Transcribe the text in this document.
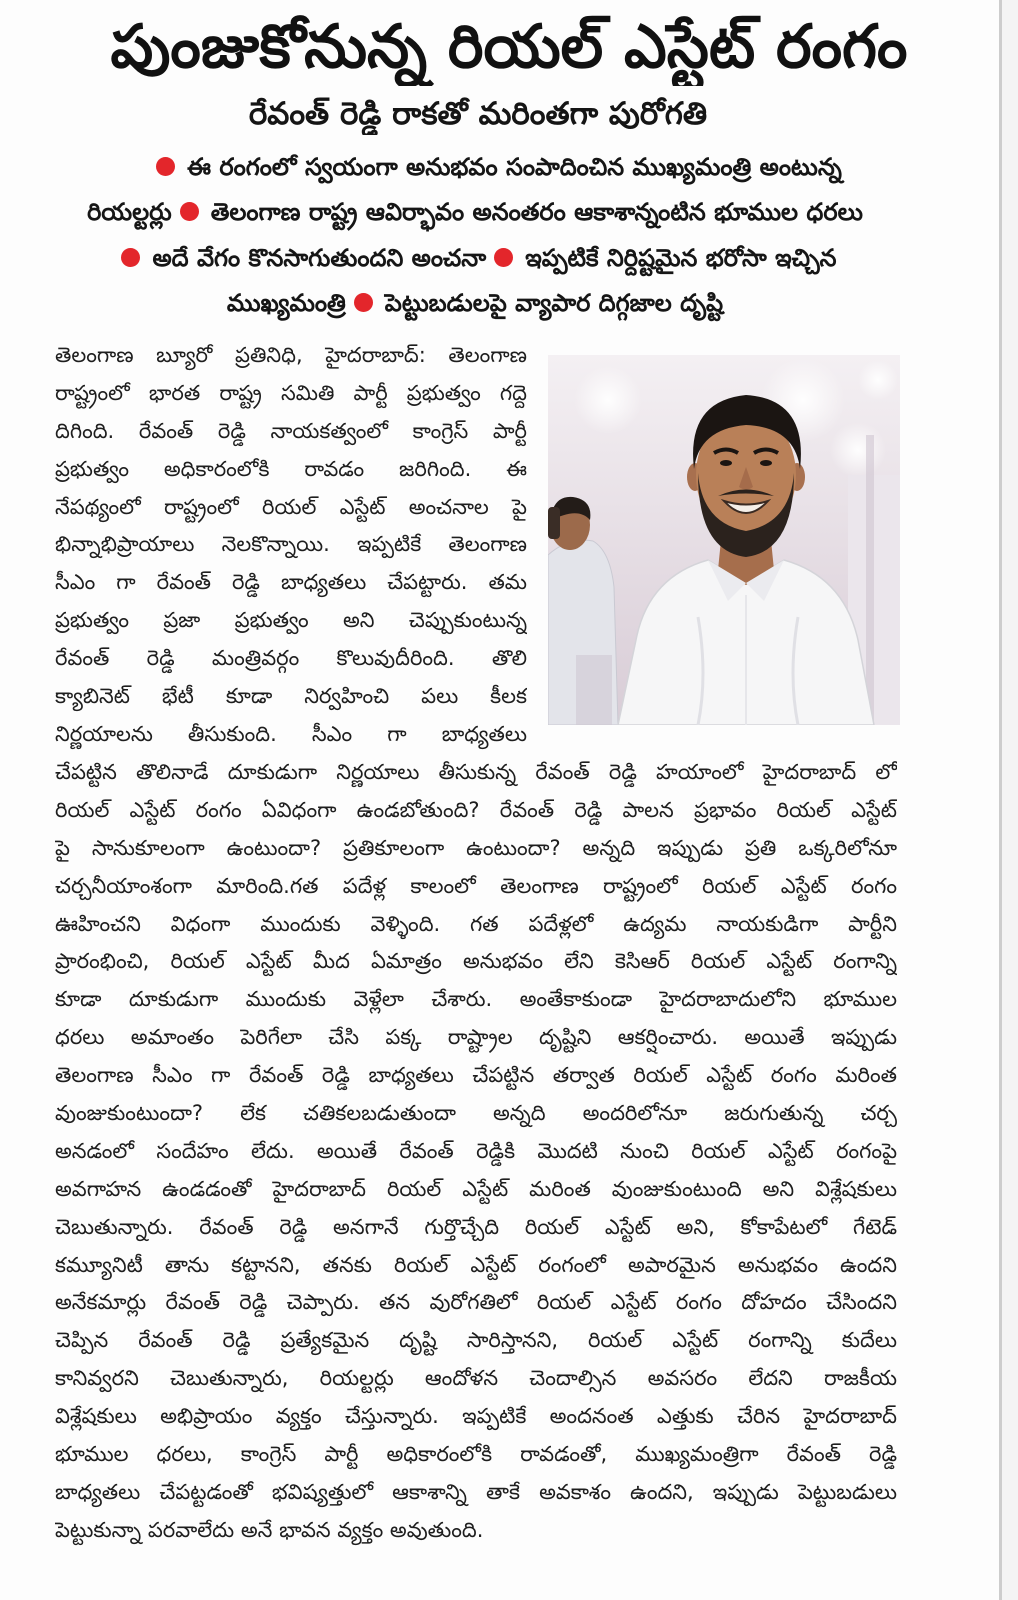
పుంజుకోనున్న రియల్ ఎస్టేట్ రంగం
రేవంత్ రెడ్డి రాకతో మరింతగా పురోగతి
ఈ రంగంలో స్వయంగా అనుభవం సంపాదించిన ముఖ్యమంత్రి అంటున్న
రియల్టర్లు తెలంగాణ రాష్ట్ర ఆవిర్భావం అనంతరం ఆకాశాన్నంటిన భూముల ధరలు
అదే వేగం కొనసాగుతుందని అంచనా ఇప్పటికే నిర్దిష్టమైన భరోసా ఇచ్చిన
ముఖ్యమంత్రి పెట్టుబడులపై వ్యాపార దిగ్గజాల దృష్టి
తెలంగాణ బ్యూరో ప్రతినిధి, హైదరాబాద్: తెలంగాణ
రాష్ట్రంలో భారత రాష్ట్ర సమితి పార్టీ ప్రభుత్వం గద్దె
దిగింది. రేవంత్ రెడ్డి నాయకత్వంలో కాంగ్రెస్ పార్టీ
ప్రభుత్వం అధికారంలోకి రావడం జరిగింది. ఈ
నేపథ్యంలో రాష్ట్రంలో రియల్ ఎస్టేట్ అంచనాల పై
భిన్నాభిప్రాయాలు నెలకొన్నాయి. ఇప్పటికే తెలంగాణ
సీఎం గా రేవంత్ రెడ్డి బాధ్యతలు చేపట్టారు. తమ
ప్రభుత్వం ప్రజా ప్రభుత్వం అని చెప్పుకుంటున్న
రేవంత్ రెడ్డి మంత్రివర్గం కొలువుదీరింది. తొలి
క్యాబినెట్ భేటీ కూడా నిర్వహించి పలు కీలక
నిర్ణయాలను తీసుకుంది. సీఎం గా బాధ్యతలు
చేపట్టిన తొలినాడే దూకుడుగా నిర్ణయాలు తీసుకున్న రేవంత్ రెడ్డి హయాంలో హైదరాబాద్ లో
రియల్ ఎస్టేట్ రంగం ఏవిధంగా ఉండబోతుంది? రేవంత్ రెడ్డి పాలన ప్రభావం రియల్ ఎస్టేట్
పై సానుకూలంగా ఉంటుందా? ప్రతికూలంగా ఉంటుందా? అన్నది ఇప్పుడు ప్రతి ఒక్కరిలోనూ
చర్చనీయాంశంగా మారింది.గత పదేళ్ల కాలంలో తెలంగాణ రాష్ట్రంలో రియల్ ఎస్టేట్ రంగం
ఊహించని విధంగా ముందుకు వెళ్ళింది. గత పదేళ్లలో ఉద్యమ నాయకుడిగా పార్టీని
ప్రారంభించి, రియల్ ఎస్టేట్ మీద ఏమాత్రం అనుభవం లేని కెసిఆర్ రియల్ ఎస్టేట్ రంగాన్ని
కూడా దూకుడుగా ముందుకు వెళ్లేలా చేశారు. అంతేకాకుండా హైదరాబాదులోని భూముల
ధరలు అమాంతం పెరిగేలా చేసి పక్క రాష్ట్రాల దృష్టిని ఆకర్షించారు. అయితే ఇప్పుడు
తెలంగాణ సీఎం గా రేవంత్ రెడ్డి బాధ్యతలు చేపట్టిన తర్వాత రియల్ ఎస్టేట్ రంగం మరింత
వుంజుకుంటుందా? లేక చతికలబడుతుందా అన్నది అందరిలోనూ జరుగుతున్న చర్చ
అనడంలో సందేహం లేదు. అయితే రేవంత్ రెడ్డికి మొదటి నుంచి రియల్ ఎస్టేట్ రంగంపై
అవగాహన ఉండడంతో హైదరాబాద్ రియల్ ఎస్టేట్ మరింత వుంజుకుంటుంది అని విశ్లేషకులు
చెబుతున్నారు. రేవంత్ రెడ్డి అనగానే గుర్తొచ్చేది రియల్ ఎస్టేట్ అని, కోకాపేటలో గేటెడ్
కమ్యూనిటీ తాను కట్టానని, తనకు రియల్ ఎస్టేట్ రంగంలో అపారమైన అనుభవం ఉందని
అనేకమార్లు రేవంత్ రెడ్డి చెప్పారు. తన వురోగతిలో రియల్ ఎస్టేట్ రంగం దోహదం చేసిందని
చెప్పిన రేవంత్ రెడ్డి ప్రత్యేకమైన దృష్టి సారిస్తానని, రియల్ ఎస్టేట్ రంగాన్ని కుదేలు
కానివ్వరని చెబుతున్నారు, రియల్టర్లు ఆందోళన చెందాల్సిన అవసరం లేదని రాజకీయ
విశ్లేషకులు అభిప్రాయం వ్యక్తం చేస్తున్నారు. ఇప్పటికే అందనంత ఎత్తుకు చేరిన హైదరాబాద్
భూముల ధరలు, కాంగ్రెస్ పార్టీ అధికారంలోకి రావడంతో, ముఖ్యమంత్రిగా రేవంత్ రెడ్డి
బాధ్యతలు చేపట్టడంతో భవిష్యత్తులో ఆకాశాన్ని తాకే అవకాశం ఉందని, ఇప్పుడు పెట్టుబడులు
పెట్టుకున్నా పరవాలేదు అనే భావన వ్యక్తం అవుతుంది.
